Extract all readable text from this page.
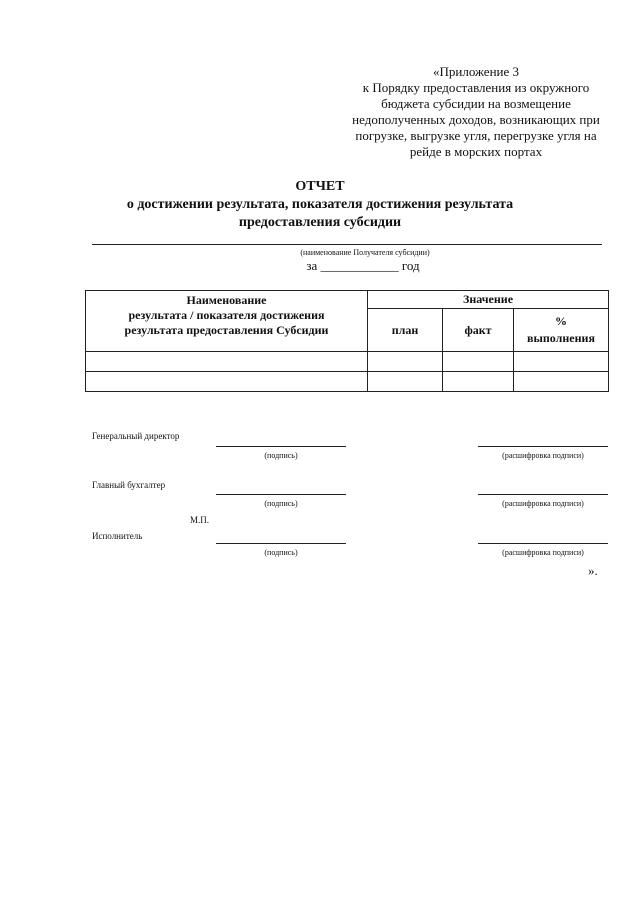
«Приложение 3
к Порядку предоставления из окружного
бюджета субсидии на возмещение
недополученных доходов, возникающих при
погрузке, выгрузке угля, перегрузке угля на
рейде в морских портах
ОТЧЕТ
о достижении результата, показателя достижения результата
предоставления субсидии
(наименование Получателя субсидии)
за ____________ год
Наименование
результата / показателя достижения
результата предоставления Субсидии	Значение		
	план	факт	%
выполнения

Генеральный директор
(подпись)	(расшифровка подписи)
Главный бухгалтер
(подпись)	(расшифровка подписи)
М.П.
Исполнитель
(подпись)	(расшифровка подписи)
».
